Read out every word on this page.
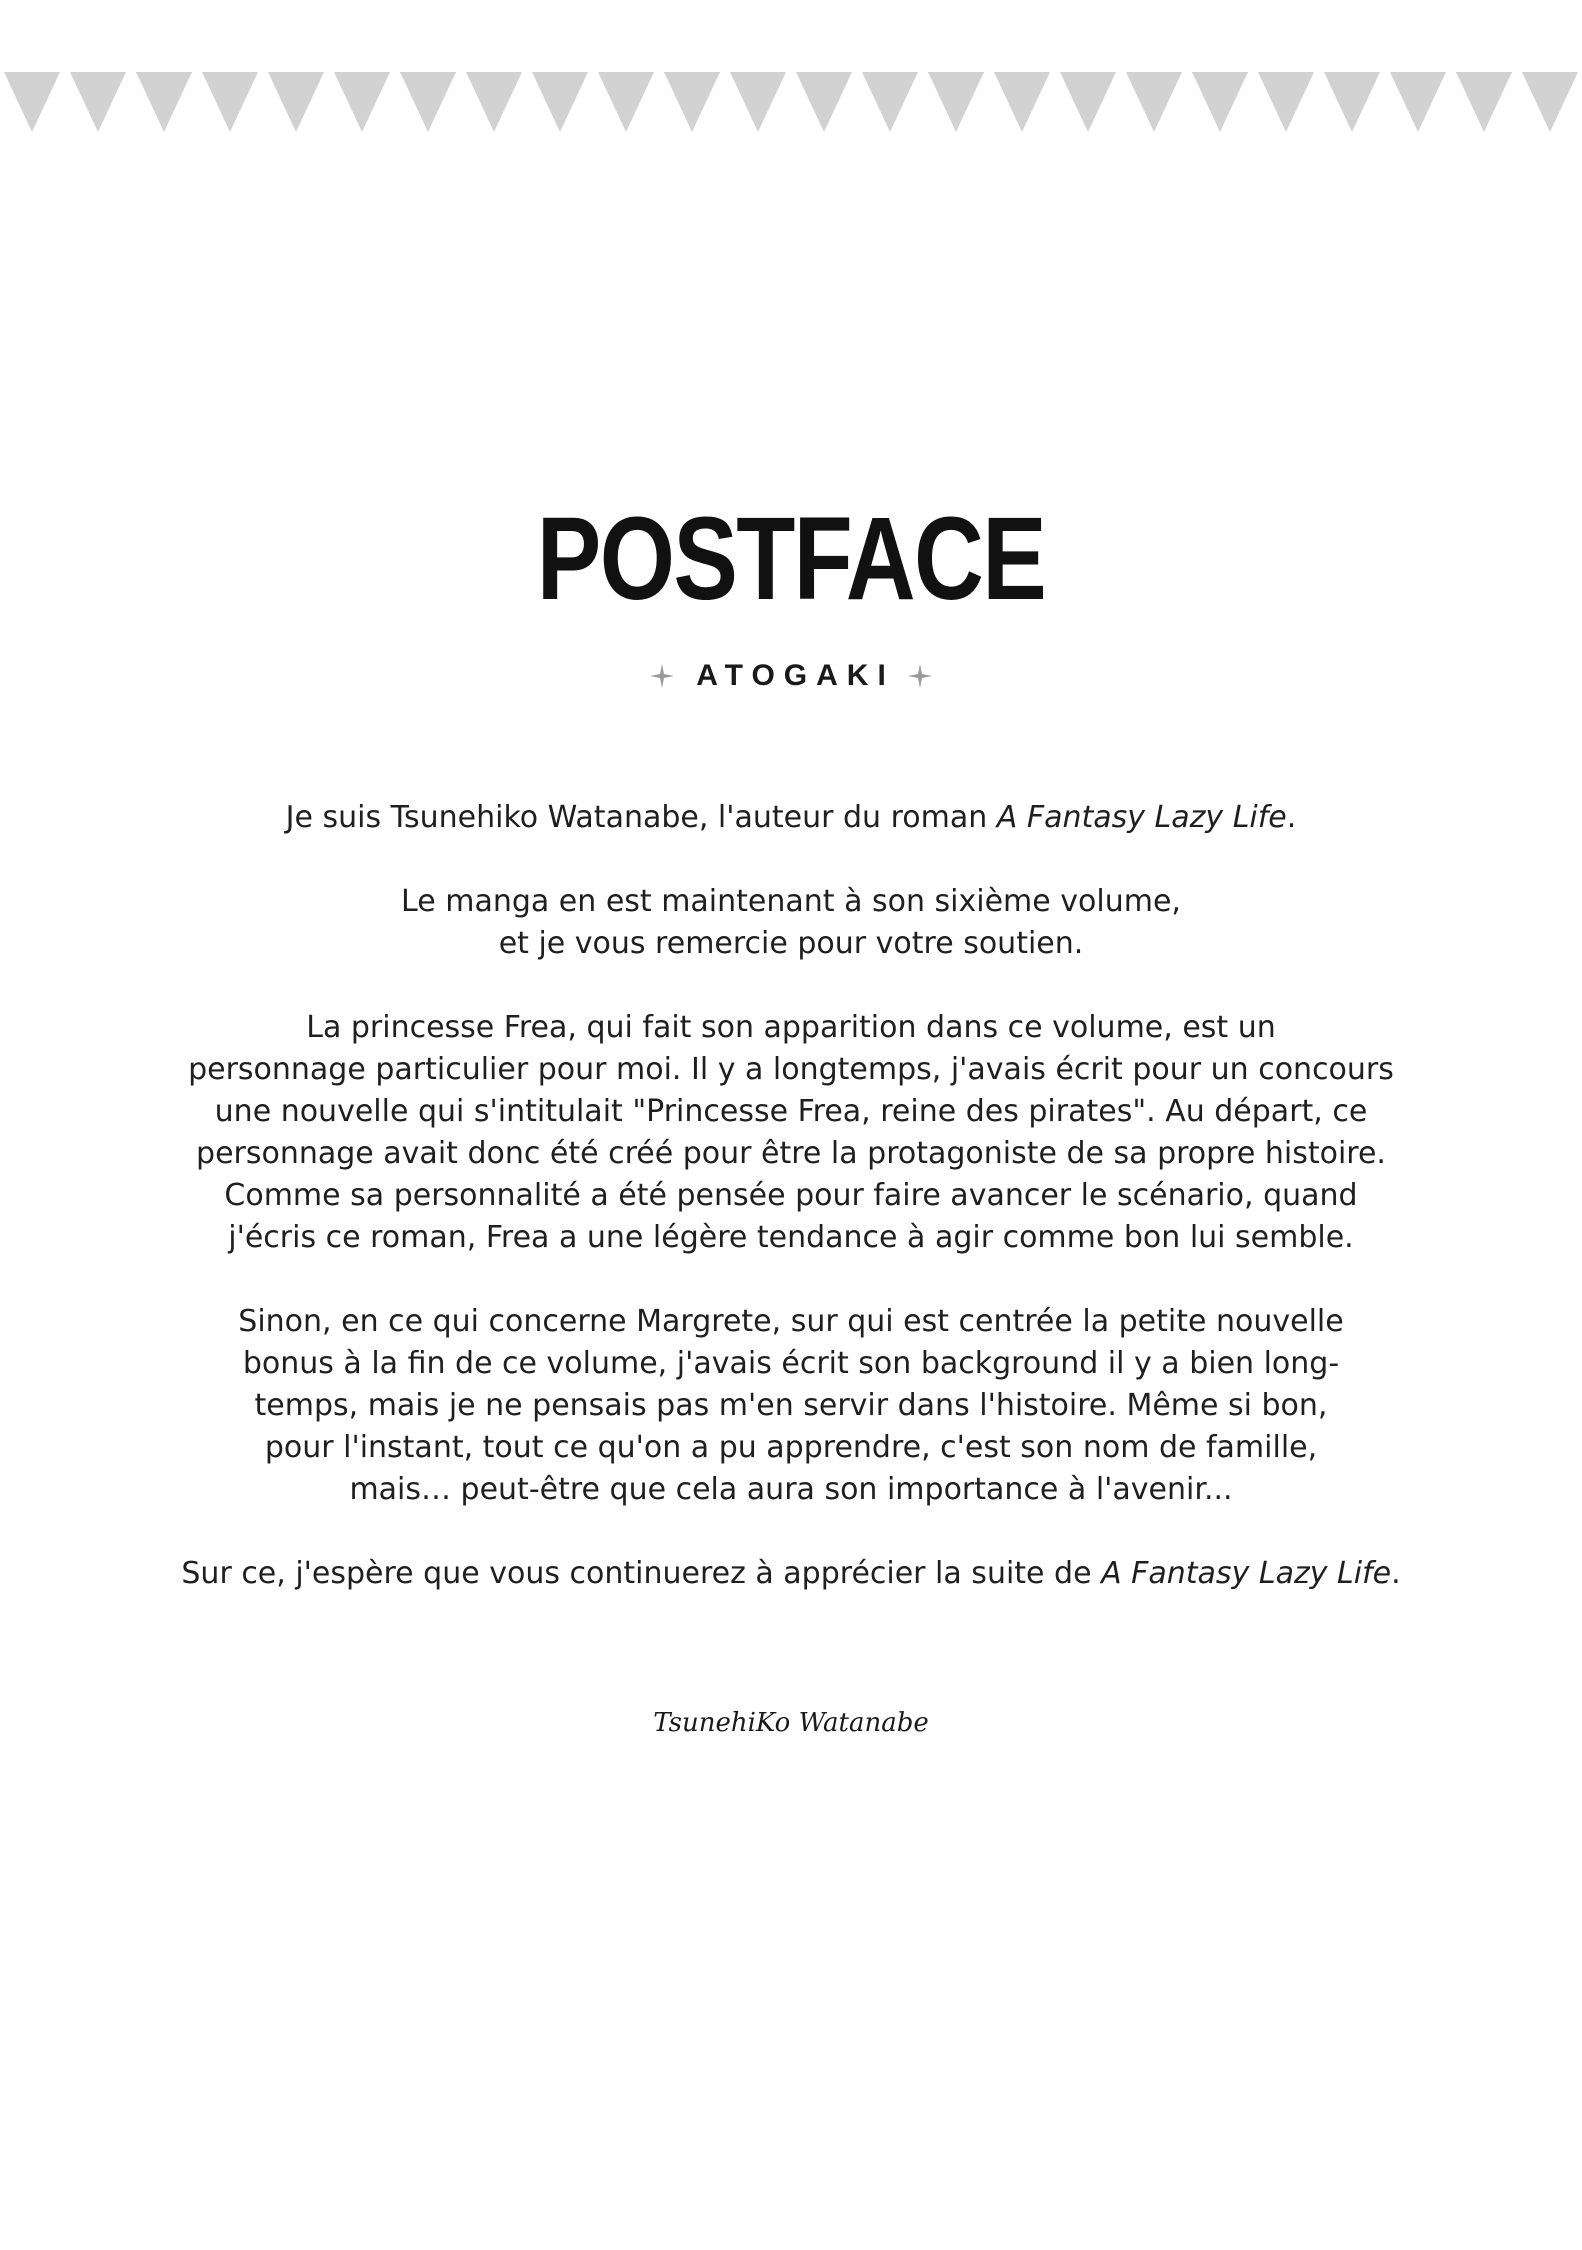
POSTFACE
ATOGAKI

Je suis Tsunehiko Watanabe, l'auteur du roman A Fantasy Lazy Life.

Le manga en est maintenant à son sixième volume,
et je vous remercie pour votre soutien.

La princesse Frea, qui fait son apparition dans ce volume, est un
personnage particulier pour moi. Il y a longtemps, j'avais écrit pour un concours
une nouvelle qui s'intitulait "Princesse Frea, reine des pirates". Au départ, ce
personnage avait donc été créé pour être la protagoniste de sa propre histoire.
Comme sa personnalité a été pensée pour faire avancer le scénario, quand
j'écris ce roman, Frea a une légère tendance à agir comme bon lui semble.

Sinon, en ce qui concerne Margrete, sur qui est centrée la petite nouvelle
bonus à la fin de ce volume, j'avais écrit son background il y a bien long-
temps, mais je ne pensais pas m'en servir dans l'histoire. Même si bon,
pour l'instant, tout ce qu'on a pu apprendre, c'est son nom de famille,
mais… peut-être que cela aura son importance à l'avenir...

Sur ce, j'espère que vous continuerez à apprécier la suite de A Fantasy Lazy Life.

TsunehiKo Watanabe
